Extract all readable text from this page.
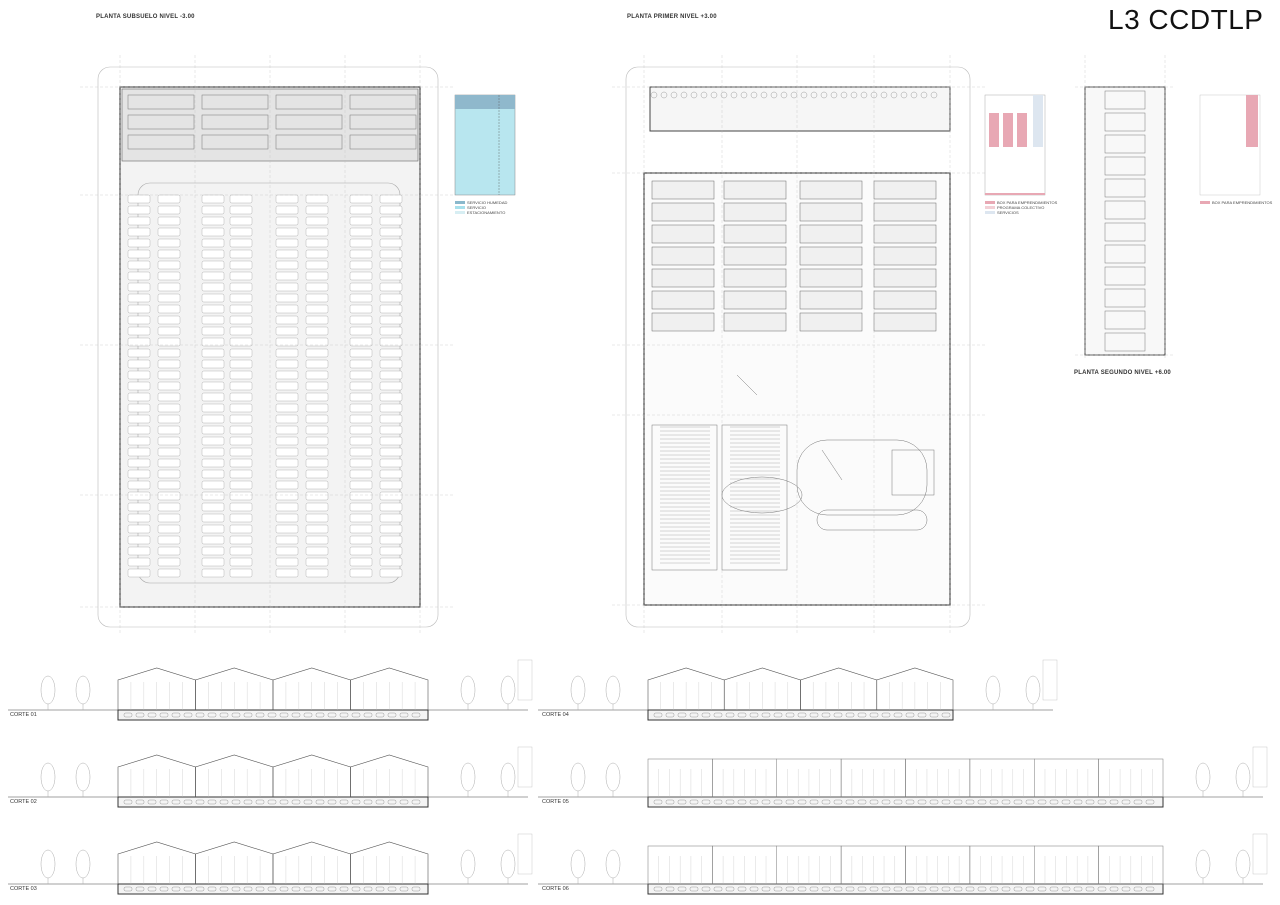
L3 CCDTLP
PLANTA SUBSUELO NIVEL -3.00	PLANTA PRIMER NIVEL +3.00
PLANTA SEGUNDO NIVEL +6.00
SERVICIO HUMEDAD
SERVICIO
ESTACIONAMIENTO
BOX PARA EMPRENDIMIENTOS
PROGRAMA COLECTIVO
SERVICIOS
BOX PARA EMPRENDIMIENTOS
CORTE 01
CORTE 02
CORTE 03
CORTE 04
CORTE 05
CORTE 06
